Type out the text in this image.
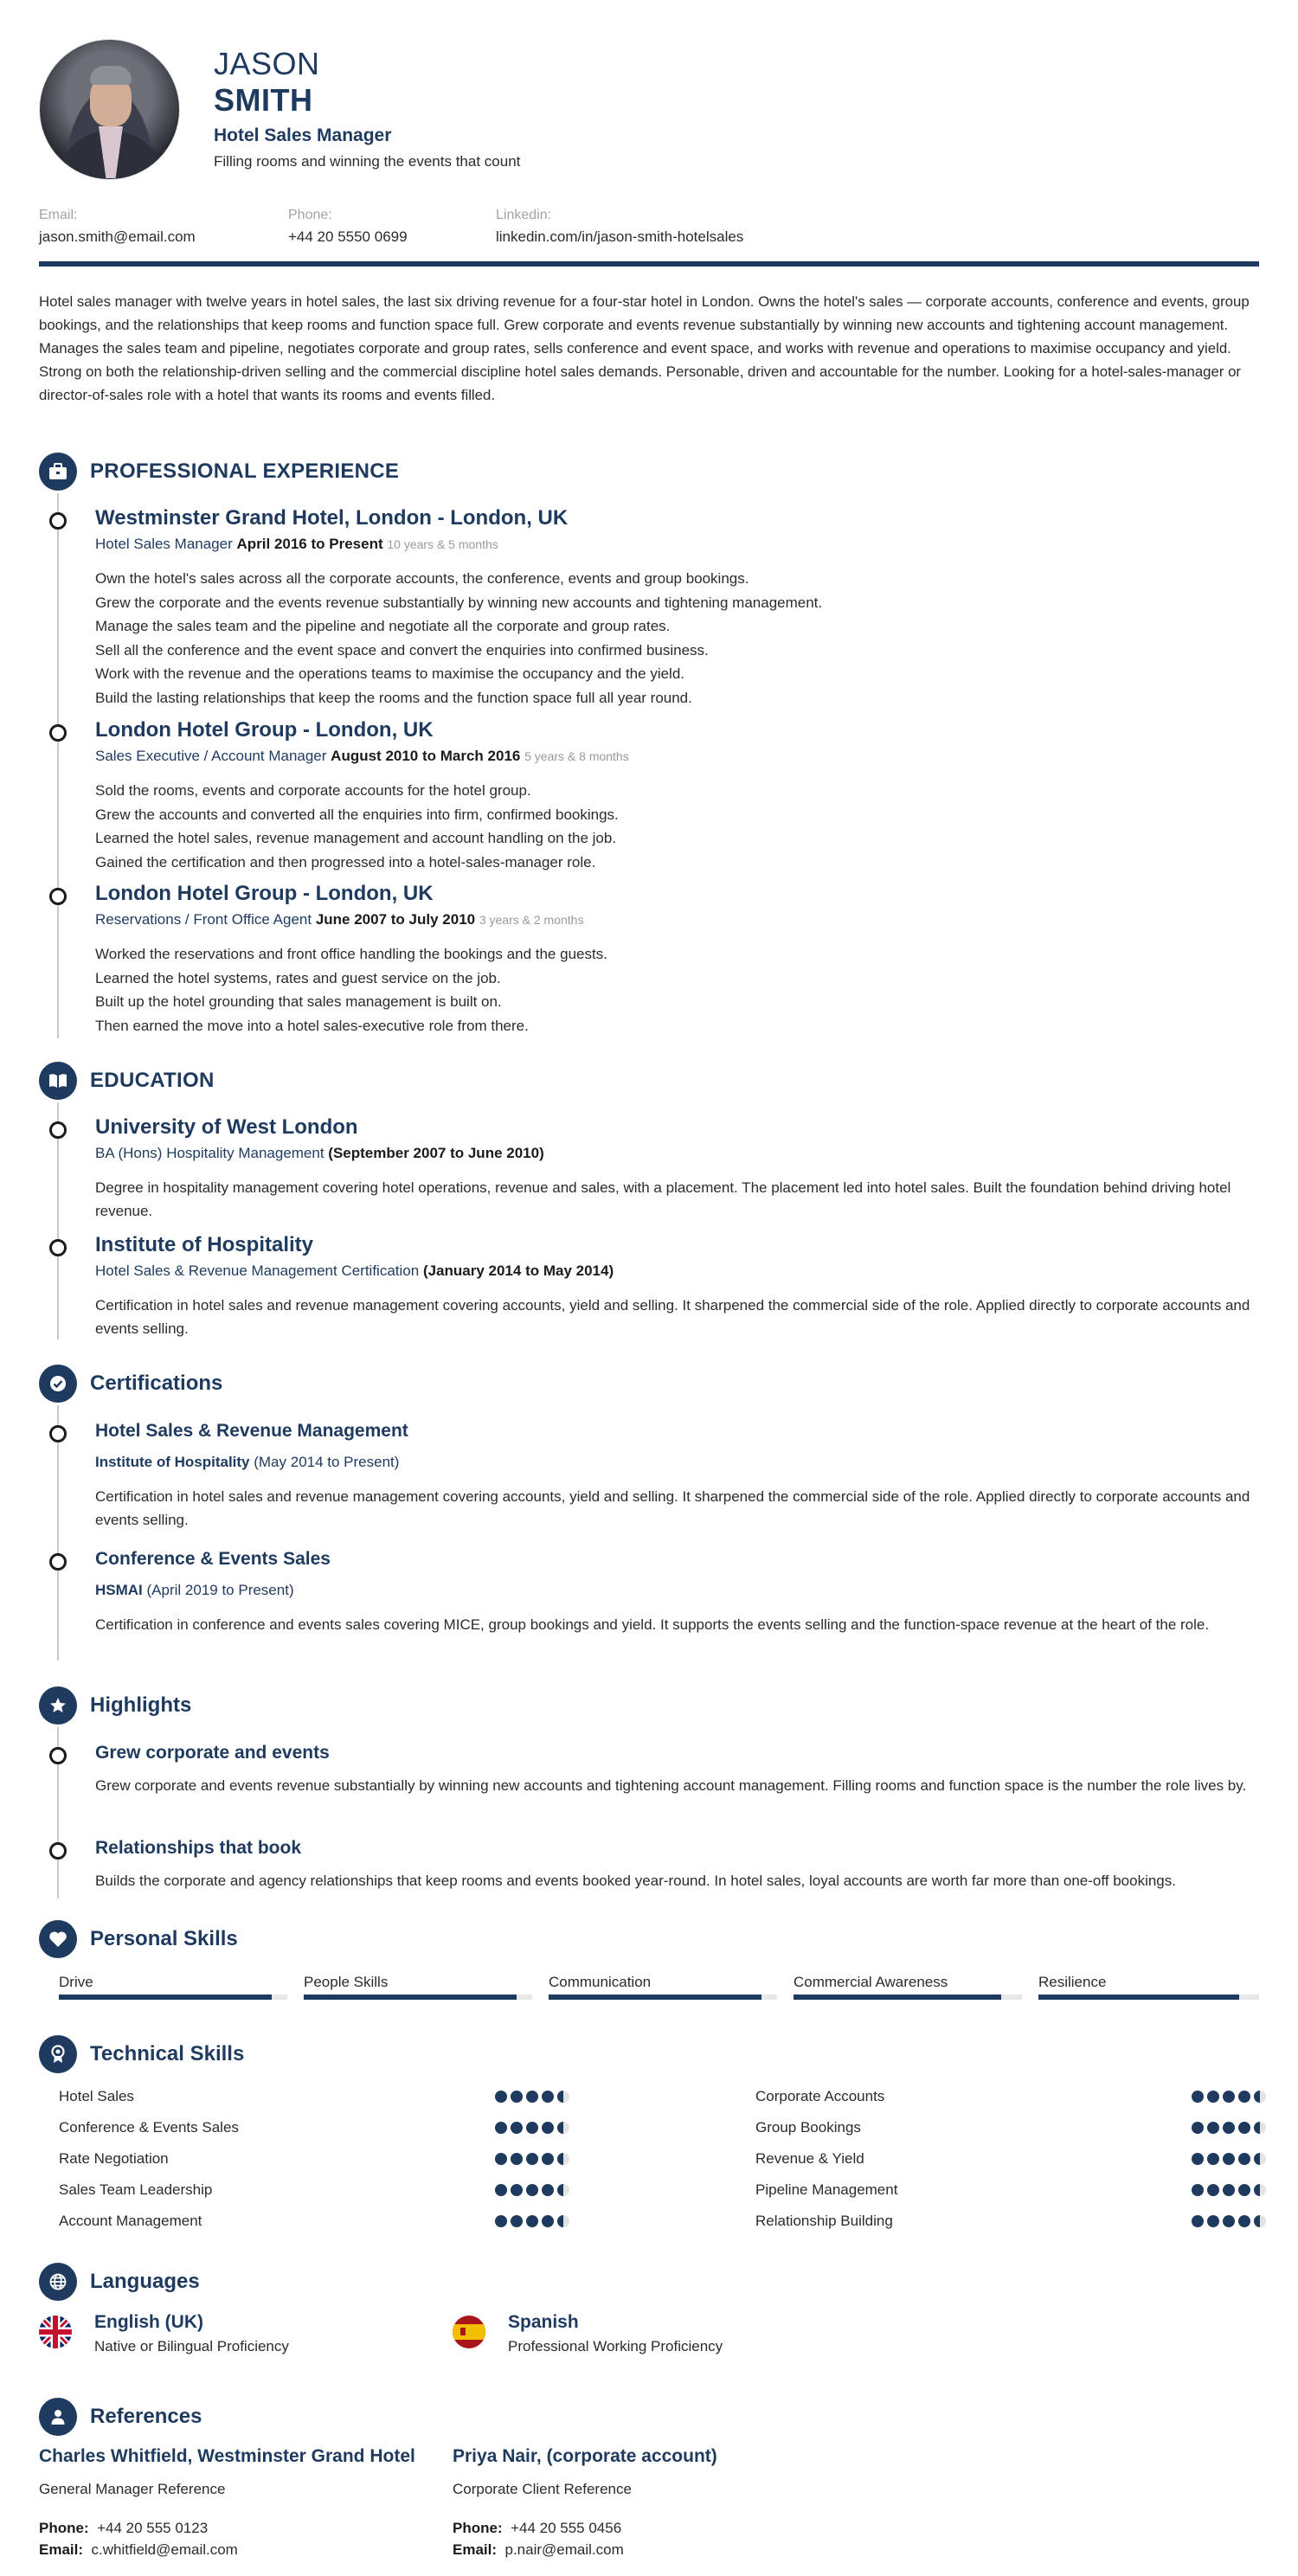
JASON
SMITH
Hotel Sales Manager
Filling rooms and winning the events that count
Email:
jason.smith@email.com
Phone:
+44 20 5550 0699
Linkedin:
linkedin.com/in/jason-smith-hotelsales
Hotel sales manager with twelve years in hotel sales, the last six driving revenue for a four-star hotel in London. Owns the hotel's sales — corporate accounts, conference and events, group bookings, and the relationships that keep rooms and function space full. Grew corporate and events revenue substantially by winning new accounts and tightening account management. Manages the sales team and pipeline, negotiates corporate and group rates, sells conference and event space, and works with revenue and operations to maximise occupancy and yield. Strong on both the relationship-driven selling and the commercial discipline hotel sales demands. Personable, driven and accountable for the number. Looking for a hotel-sales-manager or director-of-sales role with a hotel that wants its rooms and events filled.
PROFESSIONAL EXPERIENCE
Westminster Grand Hotel, London - London, UK
Hotel Sales Manager April 2016 to Present 10 years & 5 months
Own the hotel's sales across all the corporate accounts, the conference, events and group bookings.
Grew the corporate and the events revenue substantially by winning new accounts and tightening management.
Manage the sales team and the pipeline and negotiate all the corporate and group rates.
Sell all the conference and the event space and convert the enquiries into confirmed business.
Work with the revenue and the operations teams to maximise the occupancy and the yield.
Build the lasting relationships that keep the rooms and the function space full all year round.
London Hotel Group - London, UK
Sales Executive / Account Manager August 2010 to March 2016 5 years & 8 months
Sold the rooms, events and corporate accounts for the hotel group.
Grew the accounts and converted all the enquiries into firm, confirmed bookings.
Learned the hotel sales, revenue management and account handling on the job.
Gained the certification and then progressed into a hotel-sales-manager role.
London Hotel Group - London, UK
Reservations / Front Office Agent June 2007 to July 2010 3 years & 2 months
Worked the reservations and front office handling the bookings and the guests.
Learned the hotel systems, rates and guest service on the job.
Built up the hotel grounding that sales management is built on.
Then earned the move into a hotel sales-executive role from there.
EDUCATION
University of West London
BA (Hons) Hospitality Management (September 2007 to June 2010)
Degree in hospitality management covering hotel operations, revenue and sales, with a placement. The placement led into hotel sales. Built the foundation behind driving hotel revenue.
Institute of Hospitality
Hotel Sales & Revenue Management Certification (January 2014 to May 2014)
Certification in hotel sales and revenue management covering accounts, yield and selling. It sharpened the commercial side of the role. Applied directly to corporate accounts and events selling.
Certifications
Hotel Sales & Revenue Management
Institute of Hospitality (May 2014 to Present)
Certification in hotel sales and revenue management covering accounts, yield and selling. It sharpened the commercial side of the role. Applied directly to corporate accounts and events selling.
Conference & Events Sales
HSMAI (April 2019 to Present)
Certification in conference and events sales covering MICE, group bookings and yield. It supports the events selling and the function-space revenue at the heart of the role.
Highlights
Grew corporate and events
Grew corporate and events revenue substantially by winning new accounts and tightening account management. Filling rooms and function space is the number the role lives by.
Relationships that book
Builds the corporate and agency relationships that keep rooms and events booked year-round. In hotel sales, loyal accounts are worth far more than one-off bookings.
Personal Skills
Drive	People Skills	Communication	Commercial Awareness	Resilience
Technical Skills
Hotel Sales	Corporate Accounts
Conference & Events Sales	Group Bookings
Rate Negotiation	Revenue & Yield
Sales Team Leadership	Pipeline Management
Account Management	Relationship Building
Languages
English (UK)
Native or Bilingual Proficiency
Spanish
Professional Working Proficiency
References
Charles Whitfield, Westminster Grand Hotel
General Manager Reference
Phone: +44 20 555 0123
Email: c.whitfield@email.com
Priya Nair, (corporate account)
Corporate Client Reference
Phone: +44 20 555 0456
Email: p.nair@email.com
